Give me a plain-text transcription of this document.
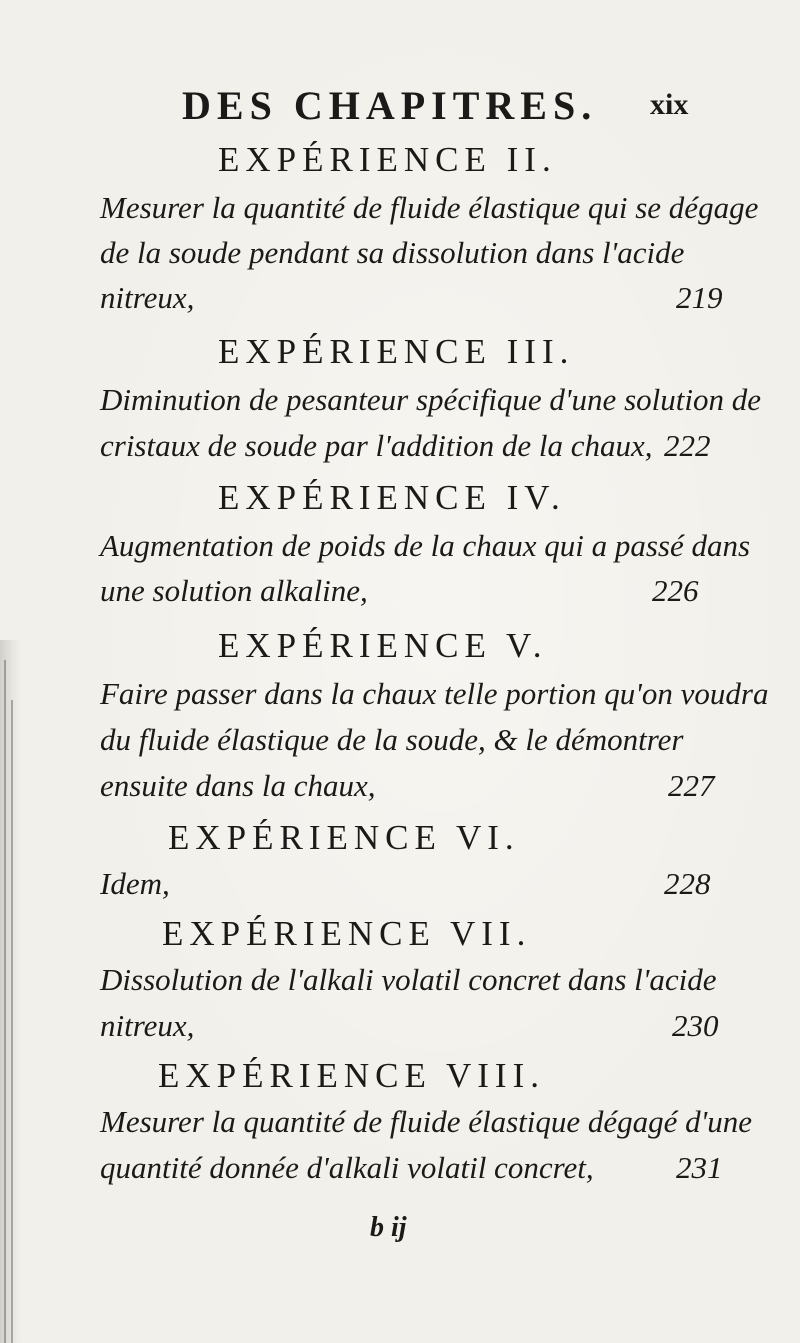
DES CHAPITRES. xix
EXPÉRIENCE II.
Mesurer la quantité de fluide élastique qui se dégage
de la soude pendant sa dissolution dans l'acide
nitreux,	219
EXPÉRIENCE III.
Diminution de pesanteur spécifique d'une solution de
cristaux de soude par l'addition de la chaux, 222
EXPÉRIENCE IV.
Augmentation de poids de la chaux qui a passé dans
une solution alkaline,	226
EXPÉRIENCE V.
Faire passer dans la chaux telle portion qu'on voudra
du fluide élastique de la soude, & le démontrer
ensuite dans la chaux,	227
EXPÉRIENCE VI.
Idem,	228
EXPÉRIENCE VII.
Dissolution de l'alkali volatil concret dans l'acide
nitreux,	230
EXPÉRIENCE VIII.
Mesurer la quantité de fluide élastique dégagé d'une
quantité donnée d'alkali volatil concret,	231
b ij
